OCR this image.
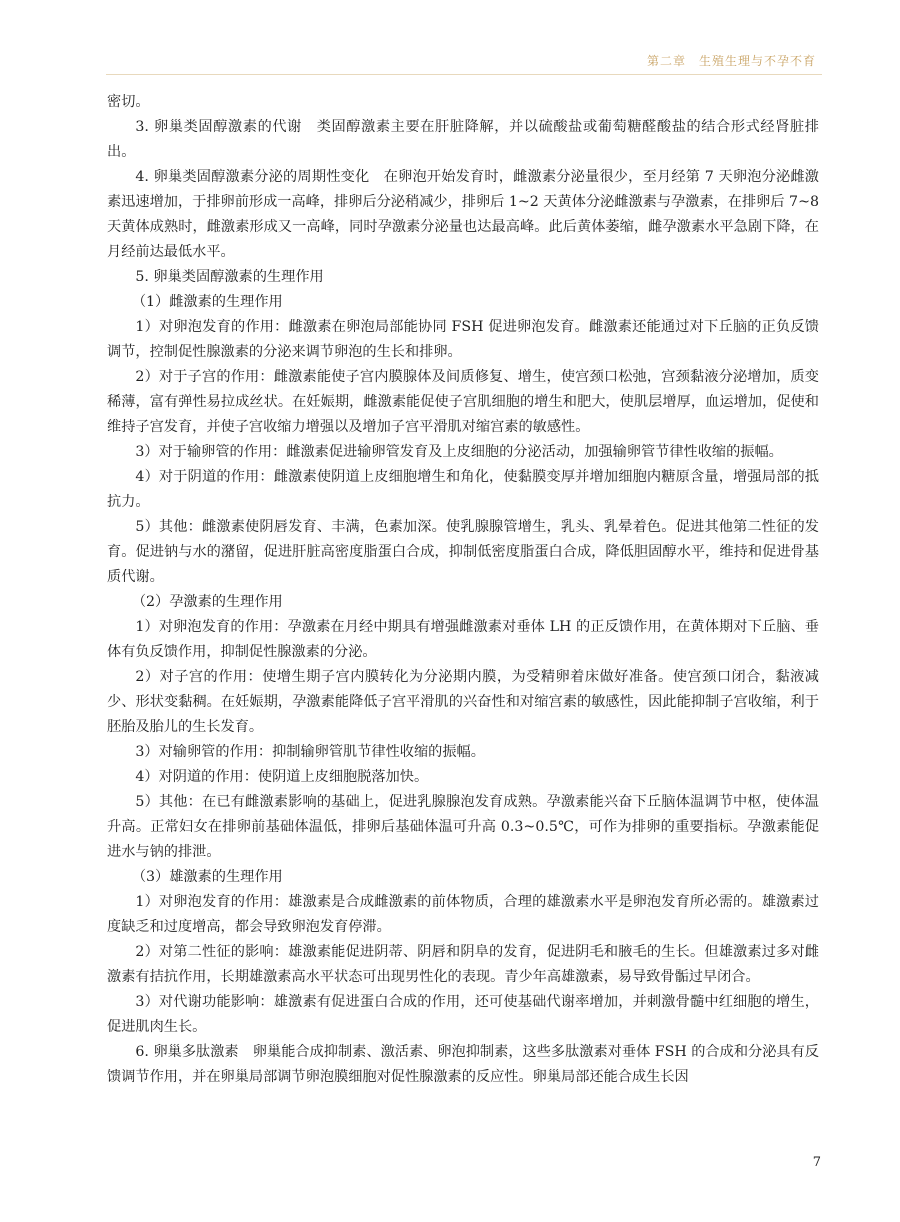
第二章　生殖生理与不孕不育

密切。

3. 卵巢类固醇激素的代谢　类固醇激素主要在肝脏降解，并以硫酸盐或葡萄糖醛酸盐的结合形式经肾脏排出。

4. 卵巢类固醇激素分泌的周期性变化　在卵泡开始发育时，雌激素分泌量很少，至月经第 7 天卵泡分泌雌激素迅速增加，于排卵前形成一高峰，排卵后分泌稍减少，排卵后 1~2 天黄体分泌雌激素与孕激素，在排卵后 7~8 天黄体成熟时，雌激素形成又一高峰，同时孕激素分泌量也达最高峰。此后黄体萎缩，雌孕激素水平急剧下降，在月经前达最低水平。

5. 卵巢类固醇激素的生理作用

（1）雌激素的生理作用

1）对卵泡发育的作用：雌激素在卵泡局部能协同 FSH 促进卵泡发育。雌激素还能通过对下丘脑的正负反馈调节，控制促性腺激素的分泌来调节卵泡的生长和排卵。

2）对于子宫的作用：雌激素能使子宫内膜腺体及间质修复、增生，使宫颈口松弛，宫颈黏液分泌增加，质变稀薄，富有弹性易拉成丝状。在妊娠期，雌激素能促使子宫肌细胞的增生和肥大，使肌层增厚，血运增加，促使和维持子宫发育，并使子宫收缩力增强以及增加子宫平滑肌对缩宫素的敏感性。

3）对于输卵管的作用：雌激素促进输卵管发育及上皮细胞的分泌活动，加强输卵管节律性收缩的振幅。

4）对于阴道的作用：雌激素使阴道上皮细胞增生和角化，使黏膜变厚并增加细胞内糖原含量，增强局部的抵抗力。

5）其他：雌激素使阴唇发育、丰满，色素加深。使乳腺腺管增生，乳头、乳晕着色。促进其他第二性征的发育。促进钠与水的潴留，促进肝脏高密度脂蛋白合成，抑制低密度脂蛋白合成，降低胆固醇水平，维持和促进骨基质代谢。

（2）孕激素的生理作用

1）对卵泡发育的作用：孕激素在月经中期具有增强雌激素对垂体 LH 的正反馈作用，在黄体期对下丘脑、垂体有负反馈作用，抑制促性腺激素的分泌。

2）对子宫的作用：使增生期子宫内膜转化为分泌期内膜，为受精卵着床做好准备。使宫颈口闭合，黏液减少、形状变黏稠。在妊娠期，孕激素能降低子宫平滑肌的兴奋性和对缩宫素的敏感性，因此能抑制子宫收缩，利于胚胎及胎儿的生长发育。

3）对输卵管的作用：抑制输卵管肌节律性收缩的振幅。

4）对阴道的作用：使阴道上皮细胞脱落加快。

5）其他：在已有雌激素影响的基础上，促进乳腺腺泡发育成熟。孕激素能兴奋下丘脑体温调节中枢，使体温升高。正常妇女在排卵前基础体温低，排卵后基础体温可升高 0.3~0.5℃，可作为排卵的重要指标。孕激素能促进水与钠的排泄。

（3）雄激素的生理作用

1）对卵泡发育的作用：雄激素是合成雌激素的前体物质，合理的雄激素水平是卵泡发育所必需的。雄激素过度缺乏和过度增高，都会导致卵泡发育停滞。

2）对第二性征的影响：雄激素能促进阴蒂、阴唇和阴阜的发育，促进阴毛和腋毛的生长。但雄激素过多对雌激素有拮抗作用，长期雄激素高水平状态可出现男性化的表现。青少年高雄激素，易导致骨骺过早闭合。

3）对代谢功能影响：雄激素有促进蛋白合成的作用，还可使基础代谢率增加，并刺激骨髓中红细胞的增生，促进肌肉生长。

6. 卵巢多肽激素　卵巢能合成抑制素、激活素、卵泡抑制素，这些多肽激素对垂体 FSH 的合成和分泌具有反馈调节作用，并在卵巢局部调节卵泡膜细胞对促性腺激素的反应性。卵巢局部还能合成生长因

7
